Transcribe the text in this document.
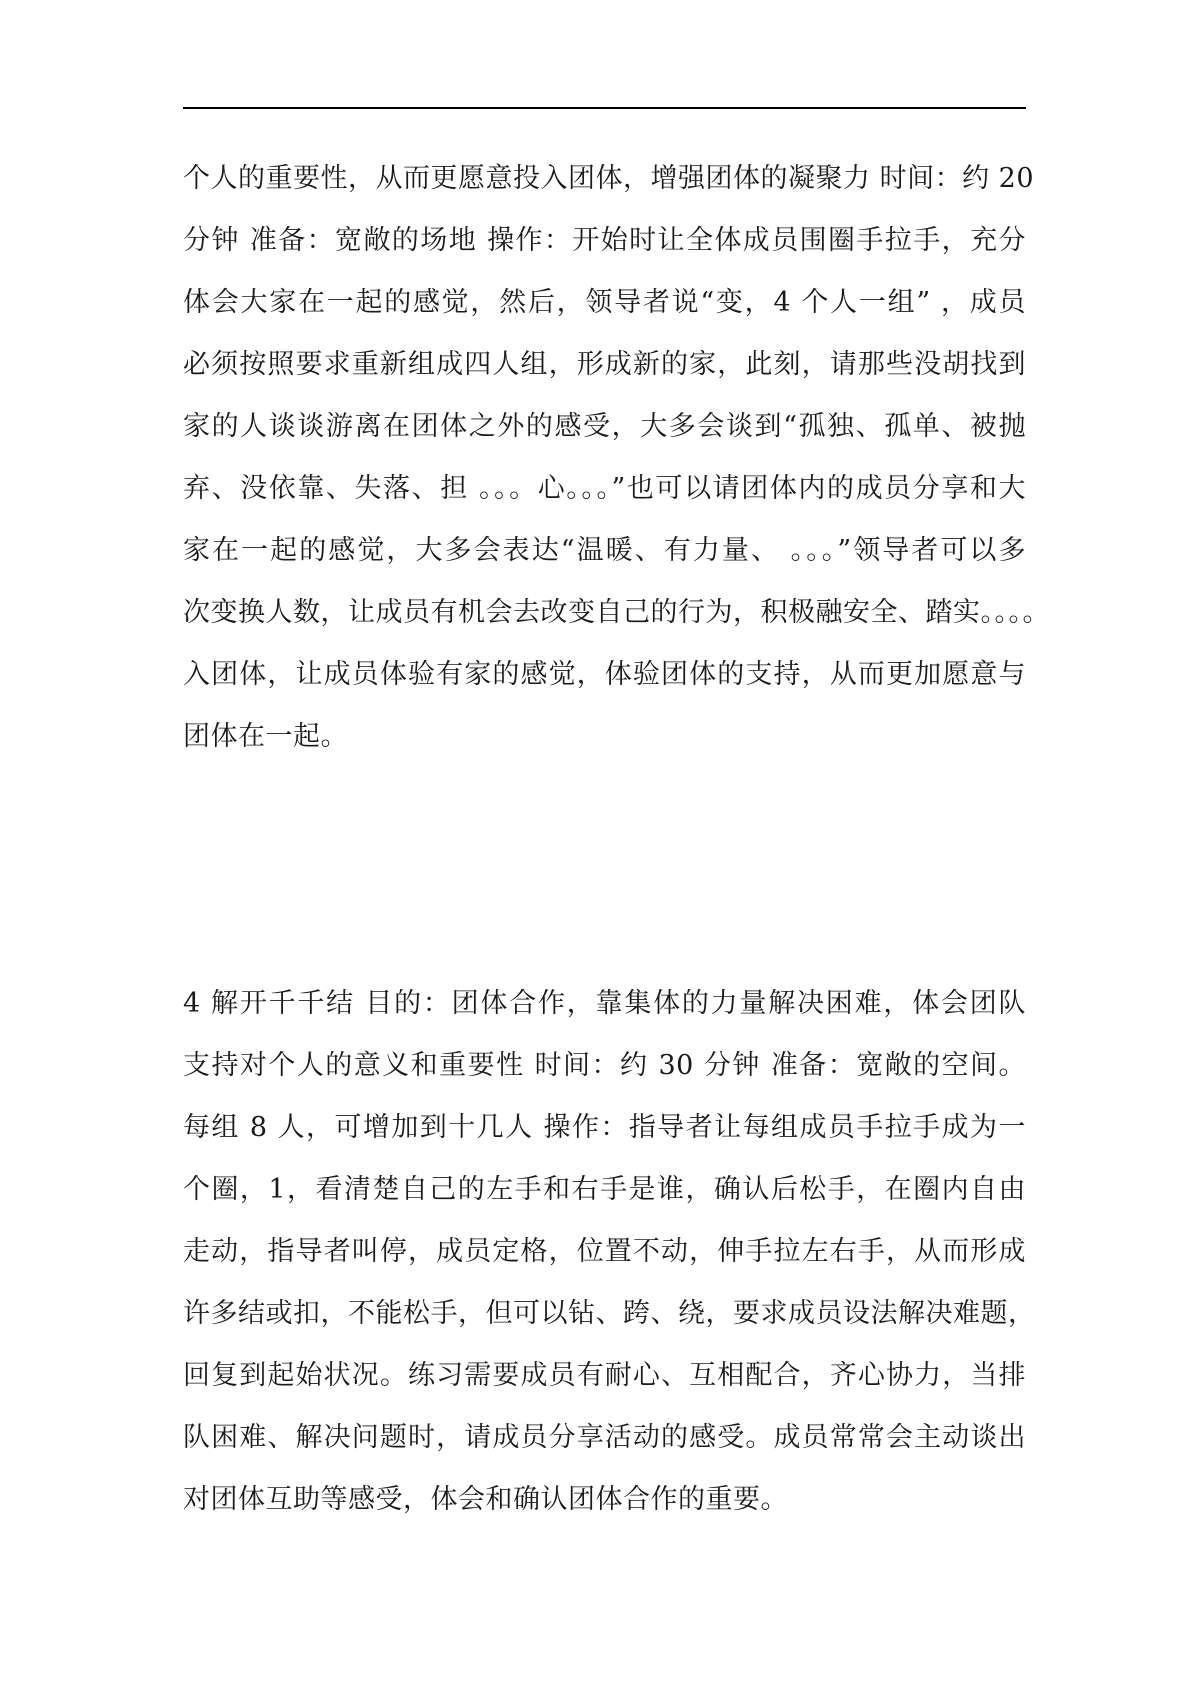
个人的重要性，从而更愿意投入团体，增强团体的凝聚力 时间：约 20
分钟 准备：宽敞的场地 操作：开始时让全体成员围圈手拉手，充分
体会大家在一起的感觉，然后，领导者说“变，4 个人一组” ，成员
必须按照要求重新组成四人组，形成新的家，此刻，请那些没胡找到
家的人谈谈游离在团体之外的感受，大多会谈到“孤独、孤单、被抛
弃、没依靠、失落、担 。。。心。。。”也可以请团体内的成员分享和大
家在一起的感觉，大多会表达“温暖、有力量、 。。。”领导者可以多
次变换人数，让成员有机会去改变自己的行为，积极融安全、踏实。。。。
入团体，让成员体验有家的感觉，体验团体的支持，从而更加愿意与
团体在一起。
4 解开千千结 目的：团体合作，靠集体的力量解决困难，体会团队
支持对个人的意义和重要性 时间：约 30 分钟 准备：宽敞的空间。
每组 8 人，可增加到十几人 操作：指导者让每组成员手拉手成为一
个圈，1，看清楚自己的左手和右手是谁，确认后松手，在圈内自由
走动，指导者叫停，成员定格，位置不动，伸手拉左右手，从而形成
许多结或扣，不能松手，但可以钻、跨、绕，要求成员设法解决难题，
回复到起始状况。练习需要成员有耐心、互相配合，齐心协力，当排
队困难、解决问题时，请成员分享活动的感受。成员常常会主动谈出
对团体互助等感受，体会和确认团体合作的重要。
